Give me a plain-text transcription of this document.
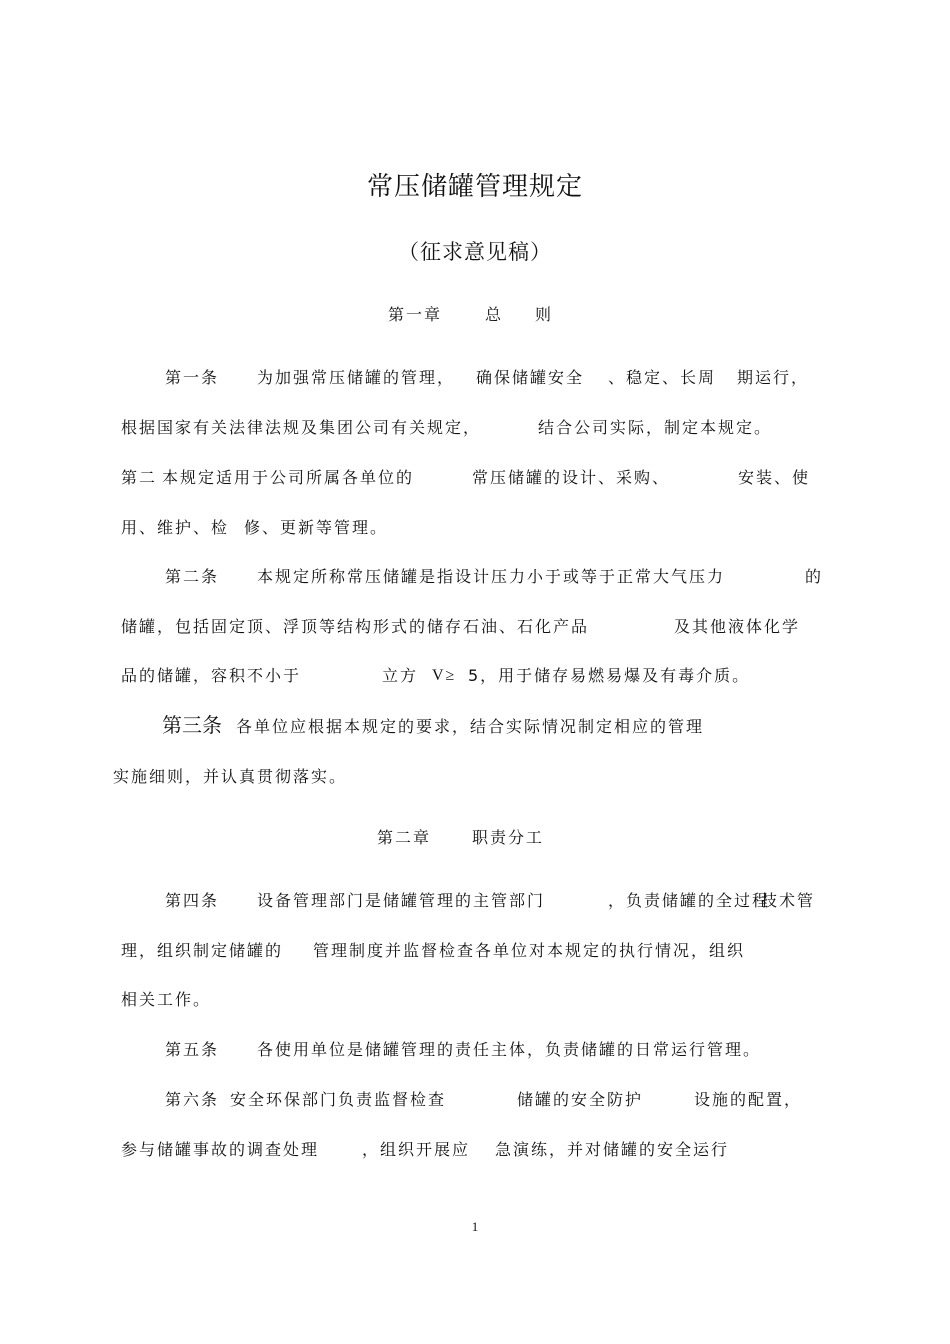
常压储罐管理规定
（征求意见稿）
第一章	总 则
第一条 为加强常压储罐的管理， 确保储罐安全 、稳定、长周 期运行，
根据国家有关法律法规及集团公司有关规定，	结合公司实际，制定本规定。
第二 本规定适用于公司所属各单位的	常压储罐的设计、采购、	安装、使
用、维护、检 修、更新等管理。
第二条 本规定所称常压储罐是指设计压力小于或等于正常大气压力	的
储罐，包括固定顶、浮顶等结构形式的储存石油、石化产品	及其他液体化学
品的储罐，容积不小于	立方 V≥ 5，用于储存易燃易爆及有毒介质。
第三条 各单位应根据本规定的要求，结合实际情况制定相应的管理
实施细则，并认真贯彻落实。
第二章	职责分工
第四条 设备管理部门是储罐管理的主管部门	，负责储罐的全过程
技术管
理，组织制定储罐的 管理制度并监督检查各单位对本规定的执行情况，组织
相关工作。
第五条 各使用单位是储罐管理的责任主体，负责储罐的日常运行管理。
第六条 安全环保部门负责监督检查	储罐的安全防护	设施的配置，
参与储罐事故的调查处理	，组织开展应 急演练，并对储罐的安全运行
1
